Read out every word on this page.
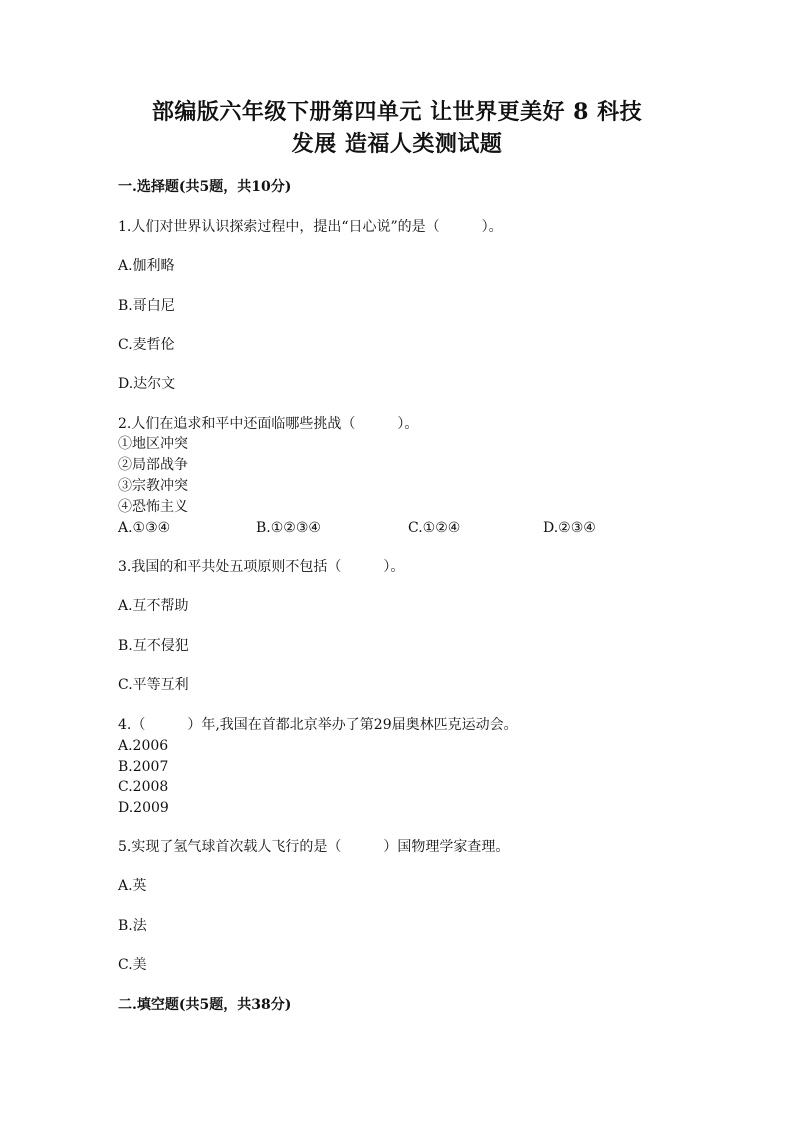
部编版六年级下册第四单元 让世界更美好 8 科技
发展 造福人类测试题
一.选择题(共5题，共10分)
1.人们对世界认识探索过程中，提出“日心说”的是（　　　）。
A.伽利略
B.哥白尼
C.麦哲伦
D.达尔文
2.人们在追求和平中还面临哪些挑战（　　　）。
①地区冲突
②局部战争
③宗教冲突
④恐怖主义
A.①③④	B.①②③④	C.①②④	D.②③④
3.我国的和平共处五项原则不包括（　　　）。
A.互不帮助
B.互不侵犯
C.平等互利
4.（　　　）年,我国在首都北京举办了第29届奥林匹克运动会。
A.2006
B.2007
C.2008
D.2009
5.实现了氢气球首次载人飞行的是（　　　）国物理学家查理。
A.英
B.法
C.美
二.填空题(共5题，共38分)
